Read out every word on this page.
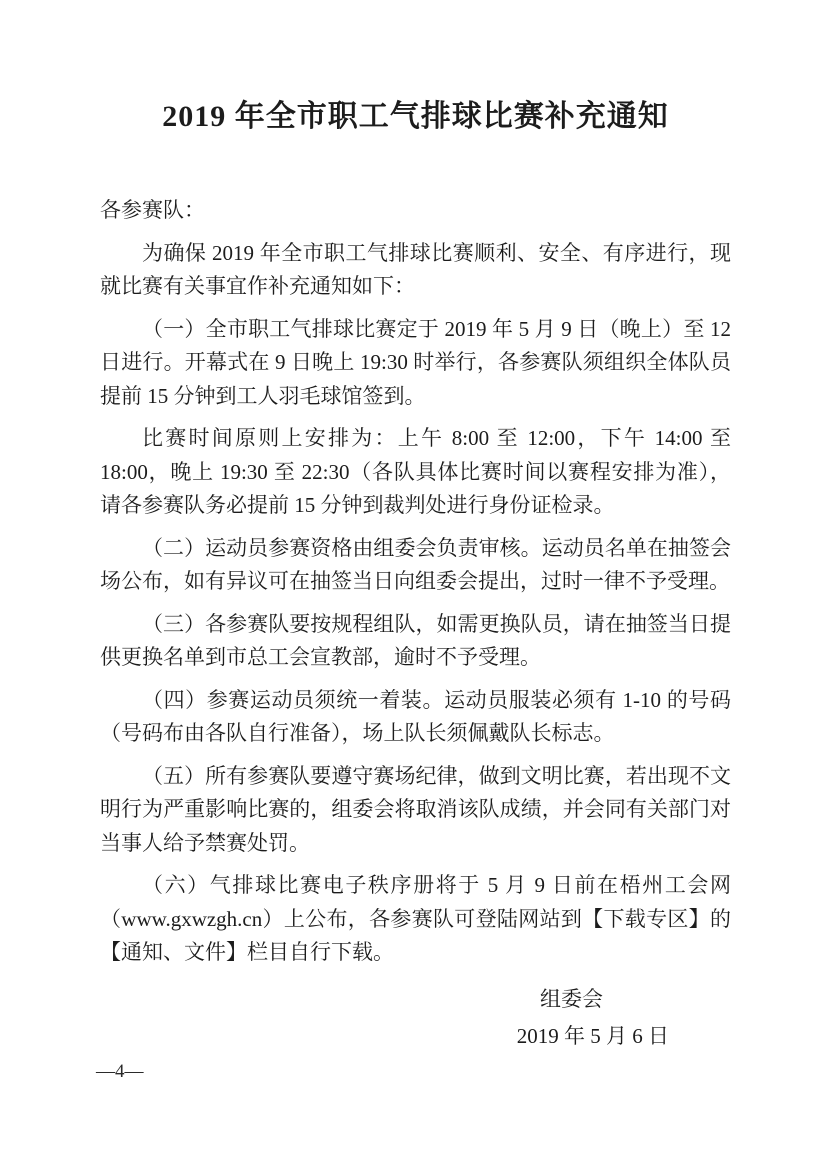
2019 年全市职工气排球比赛补充通知

各参赛队：

为确保 2019 年全市职工气排球比赛顺利、安全、有序进行，现就比赛有关事宜作补充通知如下：

（一）全市职工气排球比赛定于 2019 年 5 月 9 日（晚上）至 12 日进行。开幕式在 9 日晚上 19:30 时举行，各参赛队须组织全体队员提前 15 分钟到工人羽毛球馆签到。

比赛时间原则上安排为：上午 8:00 至 12:00，下午 14:00 至 18:00，晚上 19:30 至 22:30（各队具体比赛时间以赛程安排为准），请各参赛队务必提前 15 分钟到裁判处进行身份证检录。

（二）运动员参赛资格由组委会负责审核。运动员名单在抽签会场公布，如有异议可在抽签当日向组委会提出，过时一律不予受理。

（三）各参赛队要按规程组队，如需更换队员，请在抽签当日提供更换名单到市总工会宣教部，逾时不予受理。

（四）参赛运动员须统一着装。运动员服装必须有 1-10 的号码（号码布由各队自行准备），场上队长须佩戴队长标志。

（五）所有参赛队要遵守赛场纪律，做到文明比赛，若出现不文明行为严重影响比赛的，组委会将取消该队成绩，并会同有关部门对当事人给予禁赛处罚。

（六）气排球比赛电子秩序册将于 5 月 9 日前在梧州工会网（www.gxwzgh.cn）上公布，各参赛队可登陆网站到【下载专区】的【通知、文件】栏目自行下载。

组委会
2019 年 5 月 6 日
—4—
